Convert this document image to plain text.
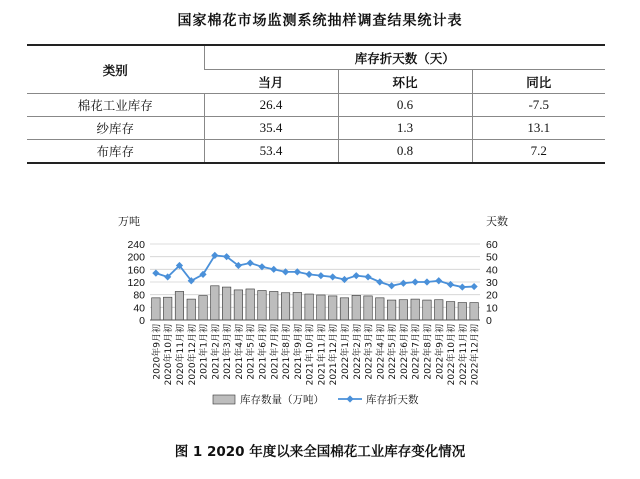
国家棉花市场监测系统抽样调查结果统计表
类别	库存折天数（天）		
	当月	环比	同比
棉花工业库存	26.4	0.6	-7.5
纱库存	35.4	1.3	13.1
布库存	53.4	0.8	7.2
240	60
200	50
160	40
120	30
80	20
40	10
0	0
万吨	天数
2020年9月初 2020年10月初 2020年11月初 2020年12月初 2021年1月初 2021年2月初 2021年3月初 2021年4月初 2021年5月初 2021年6月初 2021年7月初 2021年8月初 2021年9月初 2021年10月初 2021年11月初 2021年12月初 2022年1月初 2022年2月初 2022年3月初 2022年4月初 2022年5月初 2022年6月初 2022年7月初 2022年8月初 2022年9月初 2022年10月初 2022年11月初 2022年12月初
库存数量（万吨）	库存折天数
图 1 2020 年度以来全国棉花工业库存变化情况
